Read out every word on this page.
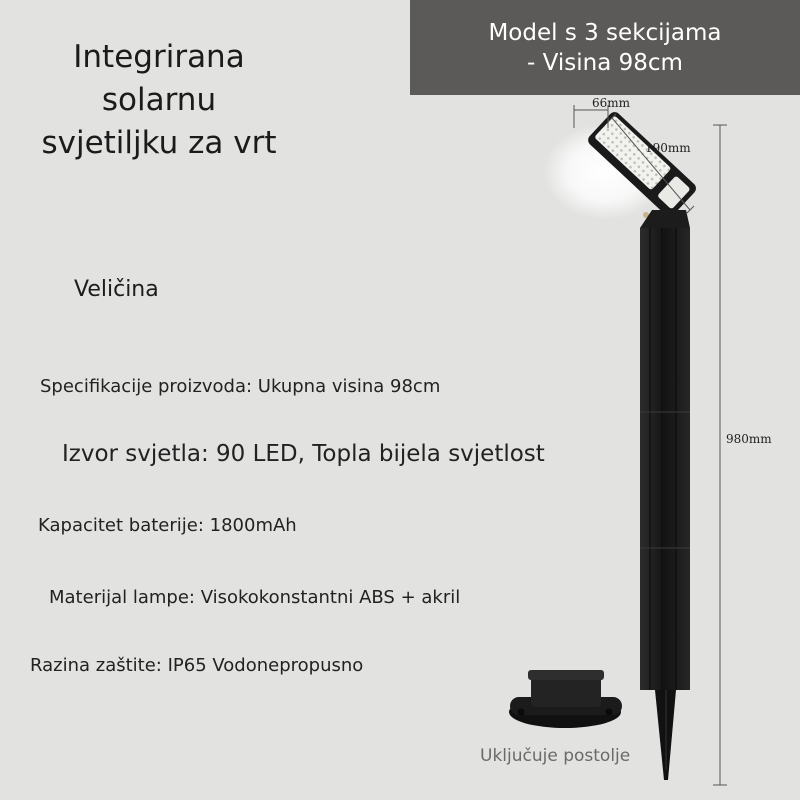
Integrirana
solarnu
svjetiljku za vrt
Model s 3 sekcijama
- Visina 98cm
Veličina
Specifikacije proizvoda: Ukupna visina 98cm
Izvor svjetla: 90 LED, Topla bijela svjetlost
Kapacitet baterije: 1800mAh
Materijal lampe: Visokokonstantni ABS + akril
Razina zaštite: IP65 Vodonepropusno
66mm
190mm
980mm
Uključuje postolje
